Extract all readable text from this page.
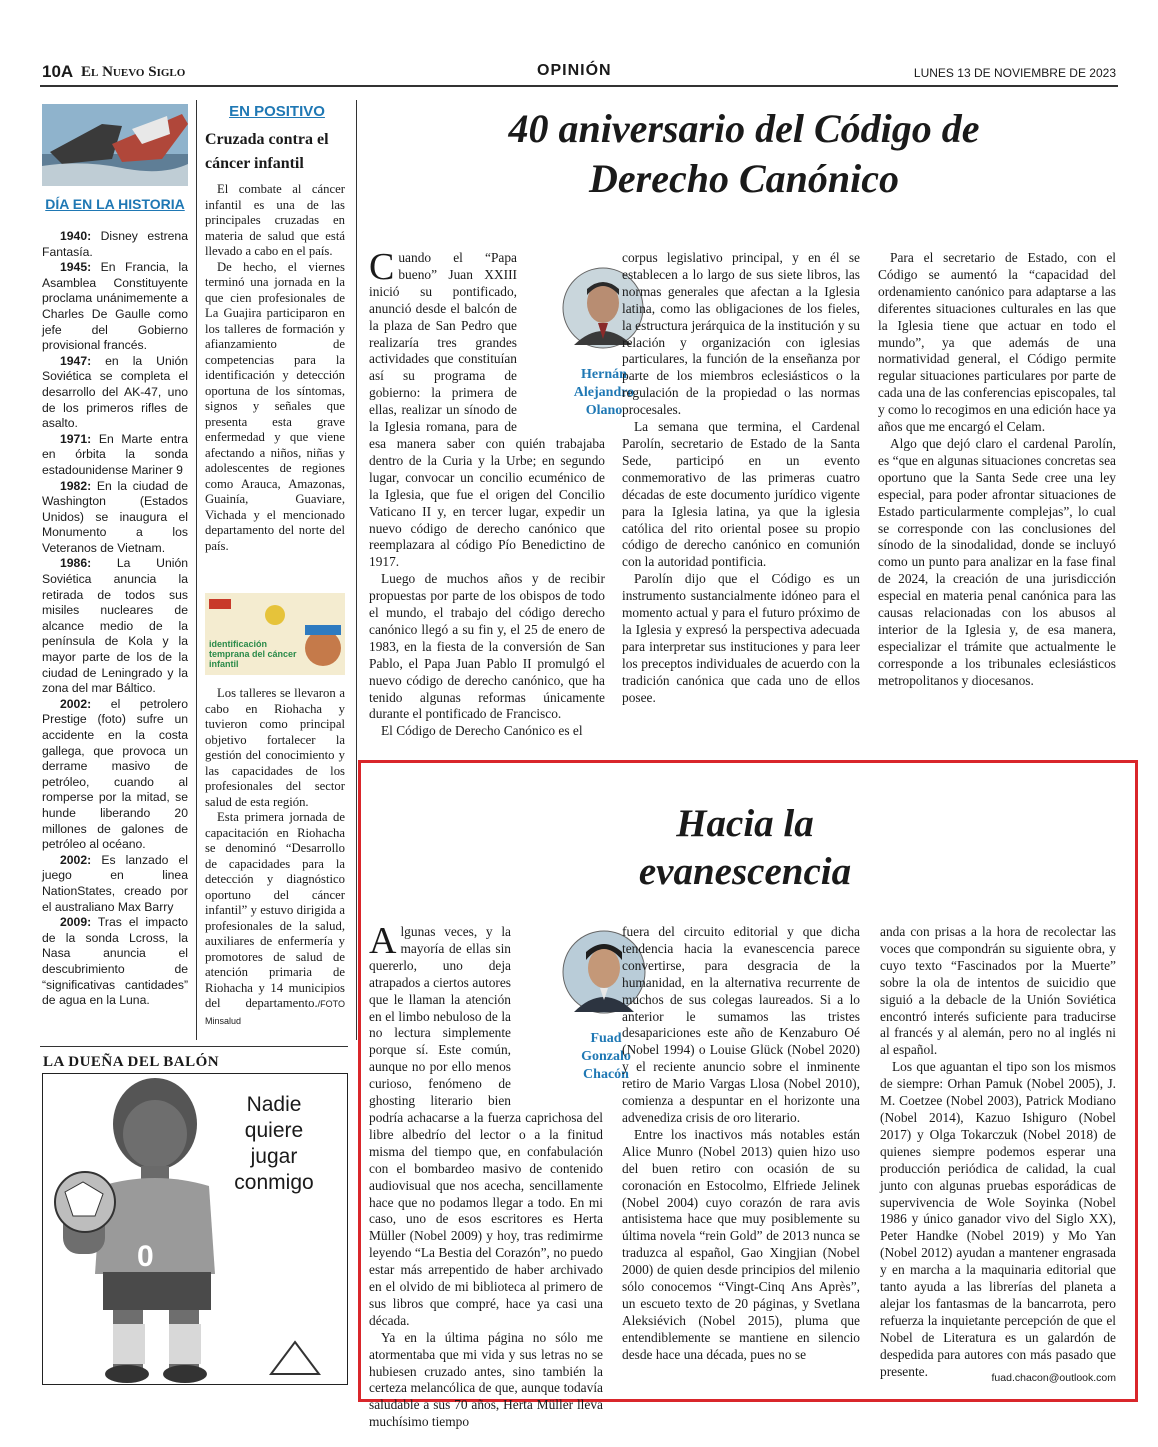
10A El Nuevo Siglo	OPINIÓN	LUNES 13 DE NOVIEMBRE DE 2023
DÍA EN LA HISTORIA

1940: Disney estrena Fantasía.

1945: En Francia, la Asamblea Constituyente proclama unánimemente a Charles De Gaulle como jefe del Gobierno provisional francés.

1947: en la Unión Soviética se completa el desarrollo del AK-47, uno de los primeros rifles de asalto.

1971: En Marte entra en órbita la sonda estadounidense Mariner 9

1982: En la ciudad de Washington (Estados Unidos) se inaugura el Monumento a los Veteranos de Vietnam.

1986: La Unión Soviética anuncia la retirada de todos sus misiles nucleares de alcance medio de la península de Kola y la mayor parte de los de la ciudad de Leningrado y la zona del mar Báltico.

2002: el petrolero Prestige (foto) sufre un accidente en la costa gallega, que provoca un derrame masivo de petróleo, cuando al romperse por la mitad, se hunde liberando 20 millones de galones de petróleo al océano.

2002: Es lanzado el juego en linea NationStates, creado por el australiano Max Barry

2009: Tras el impacto de la sonda Lcross, la Nasa anuncia el descubrimiento de “significativas cantidades” de agua en la Luna.

EN POSITIVO
Cruzada contra el cáncer infantil

El combate al cáncer infantil es una de las principales cruzadas en materia de salud que está llevado a cabo en el país.

De hecho, el viernes terminó una jornada en la que cien profesionales de La Guajira participaron en los talleres de formación y afianzamiento de competencias para la identificación y detección oportuna de los síntomas, signos y señales que presenta esta grave enfermedad y que viene afectando a niños, niñas y adolescentes de regiones como Arauca, Amazonas, Guainía, Guaviare, Vichada y el mencionado departamento del norte del país.

identificación temprana del cáncer infantil

Los talleres se llevaron a cabo en Riohacha y tuvieron como principal objetivo fortalecer la gestión del conocimiento y las capacidades de los profesionales del sector salud de esta región.

Esta primera jornada de capacitación en Riohacha se denominó “Desarrollo de capacidades para la detección y diagnóstico oportuno del cáncer infantil” y estuvo dirigida a profesionales de la salud, auxiliares de enfermería y promotores de salud de atención primaria de Riohacha y 14 municipios del departamento./FOTO Minsalud

LA DUEÑA DEL BALÓN
0
Nadie quiere jugar conmigo
40 aniversario del Código de
Derecho Canónico
Hernán Alejandro Olano

Cuando el “Papa bueno” Juan XXIII inició su pontificado, anunció desde el balcón de la plaza de San Pedro que realizaría tres grandes actividades que constituían así su programa de gobierno: la primera de ellas, realizar un sínodo de la Iglesia romana, para de esa manera saber con quién trabajaba dentro de la Curia y la Urbe; en segundo lugar, convocar un concilio ecuménico de la Iglesia, que fue el origen del Concilio Vaticano II y, en tercer lugar, expedir un nuevo código de derecho canónico que reemplazara al código Pío Benedictino de 1917.

Luego de muchos años y de recibir propuestas por parte de los obispos de todo el mundo, el trabajo del código derecho canónico llegó a su fin y, el 25 de enero de 1983, en la fiesta de la conversión de San Pablo, el Papa Juan Pablo II promulgó el nuevo código de derecho canónico, que ha tenido algunas reformas únicamente durante el pontificado de Francisco.

El Código de Derecho Canónico es el

corpus legislativo principal, y en él se establecen a lo largo de sus siete libros, las normas generales que afectan a la Iglesia latina, como las obligaciones de los fieles, la estructura jerárquica de la institución y su relación y organización con iglesias particulares, la función de la enseñanza por parte de los miembros eclesiásticos o la regulación de la propiedad o las normas procesales.

La semana que termina, el Cardenal Parolín, secretario de Estado de la Santa Sede, participó en un evento conmemorativo de las primeras cuatro décadas de este documento jurídico vigente para la Iglesia latina, ya que la iglesia católica del rito oriental posee su propio código de derecho canónico en comunión con la autoridad pontificia.

Parolín dijo que el Código es un instrumento sustancialmente idóneo para el momento actual y para el futuro próximo de la Iglesia y expresó la perspectiva adecuada para interpretar sus instituciones y para leer los preceptos individuales de acuerdo con la tradición canónica que cada uno de ellos posee.

Para el secretario de Estado, con el Código se aumentó la “capacidad del ordenamiento canónico para adaptarse a las diferentes situaciones culturales en las que la Iglesia tiene que actuar en todo el mundo”, ya que además de una normatividad general, el Código permite regular situaciones particulares por parte de cada una de las conferencias episcopales, tal y como lo recogimos en una edición hace ya años que me encargó el Celam.

Algo que dejó claro el cardenal Parolín, es “que en algunas situaciones concretas sea oportuno que la Santa Sede cree una ley especial, para poder afrontar situaciones de Estado particularmente complejas”, lo cual se corresponde con las conclusiones del sínodo de la sinodalidad, donde se incluyó como un punto para analizar en la fase final de 2024, la creación de una jurisdicción especial en materia penal canónica para las causas relacionadas con los abusos al interior de la Iglesia y, de esa manera, especializar el trámite que actualmente le corresponde a los tribunales eclesiásticos metropolitanos y diocesanos.

Hacia la
evanescencia
Fuad Gonzalo Chacón

Algunas veces, y la mayoría de ellas sin quererlo, uno deja atrapados a ciertos autores que le llaman la atención en el limbo nebuloso de la no lectura simplemente porque sí. Este común, aunque no por ello menos curioso, fenómeno de ghosting literario bien podría achacarse a la fuerza caprichosa del libre albedrío del lector o a la finitud misma del tiempo que, en confabulación con el bombardeo masivo de contenido audiovisual que nos acecha, sencillamente hace que no podamos llegar a todo. En mi caso, uno de esos escritores es Herta Müller (Nobel 2009) y hoy, tras redimirme leyendo “La Bestia del Corazón”, no puedo estar más arrepentido de haber archivado en el olvido de mi biblioteca al primero de sus libros que compré, hace ya casi una década.

Ya en la última página no sólo me atormentaba que mi vida y sus letras no se hubiesen cruzado antes, sino también la certeza melancólica de que, aunque todavía saludable a sus 70 años, Herta Müller lleva muchísimo tiempo

fuera del circuito editorial y que dicha tendencia hacia la evanescencia parece convertirse, para desgracia de la humanidad, en la alternativa recurrente de muchos de sus colegas laureados. Si a lo anterior le sumamos las tristes desapariciones este año de Kenzaburo Oé (Nobel 1994) o Louise Glück (Nobel 2020) y el reciente anuncio sobre el inminente retiro de Mario Vargas Llosa (Nobel 2010), comienza a despuntar en el horizonte una advenediza crisis de oro literario.

Entre los inactivos más notables están Alice Munro (Nobel 2013) quien hizo uso del buen retiro con ocasión de su coronación en Estocolmo, Elfriede Jelinek (Nobel 2004) cuyo corazón de rara avis antisistema hace que muy posiblemente su última novela “rein Gold” de 2013 nunca se traduzca al español, Gao Xingjian (Nobel 2000) de quien desde principios del milenio sólo conocemos “Vingt-Cinq Ans Après”, un escueto texto de 20 páginas, y Svetlana Aleksiévich (Nobel 2015), pluma que entendiblemente se mantiene en silencio desde hace una década, pues no se

anda con prisas a la hora de recolectar las voces que compondrán su siguiente obra, y cuyo texto “Fascinados por la Muerte” sobre la ola de intentos de suicidio que siguió a la debacle de la Unión Soviética encontró interés suficiente para traducirse al francés y al alemán, pero no al inglés ni al español.

Los que aguantan el tipo son los mismos de siempre: Orhan Pamuk (Nobel 2005), J. M. Coetzee (Nobel 2003), Patrick Modiano (Nobel 2014), Kazuo Ishiguro (Nobel 2017) y Olga Tokarczuk (Nobel 2018) de quienes siempre podemos esperar una producción periódica de calidad, la cual junto con algunas pruebas esporádicas de supervivencia de Wole Soyinka (Nobel 1986 y único ganador vivo del Siglo XX), Peter Handke (Nobel 2019) y Mo Yan (Nobel 2012) ayudan a mantener engrasada y en marcha a la maquinaria editorial que tanto ayuda a las librerías del planeta a alejar los fantasmas de la bancarrota, pero refuerza la inquietante percepción de que el Nobel de Literatura es un galardón de despedida para autores con más pasado que presente.	fuad.chacon@outlook.com
